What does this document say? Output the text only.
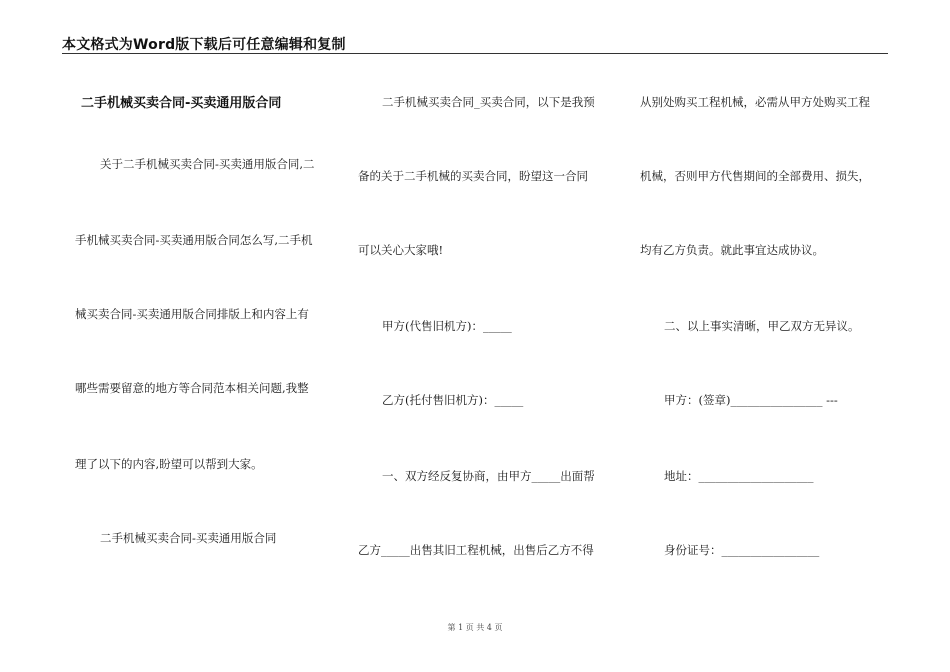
本文格式为Word版下载后可任意编辑和复制
二手机械买卖合同-买卖通用版合同
关于二手机械买卖合同-买卖通用版合同,二
手机械买卖合同-买卖通用版合同怎么写,二手机
械买卖合同-买卖通用版合同排版上和内容上有
哪些需要留意的地方等合同范本相关问题,我整
理了以下的内容,盼望可以帮到大家。
二手机械买卖合同-买卖通用版合同
二手机械买卖合同_买卖合同，以下是我预
备的关于二手机械的买卖合同，盼望这一合同
可以关心大家哦!
甲方(代售旧机方)：_____
乙方(托付售旧机方)：_____
一、双方经反复协商，由甲方_____出面帮
乙方_____出售其旧工程机械，出售后乙方不得
从别处购买工程机械，必需从甲方处购买工程
机械，否则甲方代售期间的全部费用、损失，
均有乙方负责。就此事宜达成协议。
二、以上事实清晰，甲乙双方无异议。
甲方：(签章)________________ ---
地址：____________________
身份证号：_________________
第 1 页 共 4 页
